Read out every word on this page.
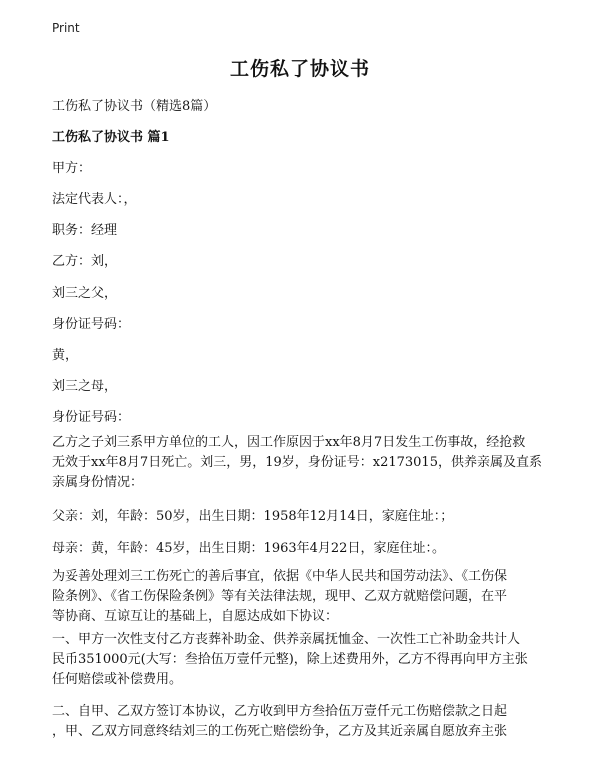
Print
工伤私了协议书
工伤私了协议书（精选8篇）
工伤私了协议书 篇1
甲方：
法定代表人：，
职务：经理
乙方：刘，
刘三之父，
身份证号码：
黄，
刘三之母，
身份证号码：
乙方之子刘三系甲方单位的工人，因工作原因于xx年8月7日发生工伤事故，经抢救
无效于xx年8月7日死亡。刘三，男，19岁，身份证号：x2173015，供养亲属及直系
亲属身份情况：
父亲：刘，年龄：50岁，出生日期：1958年12月14日，家庭住址：；
母亲：黄，年龄：45岁，出生日期：1963年4月22日，家庭住址：。
为妥善处理刘三工伤死亡的善后事宜，依据《中华人民共和国劳动法》、《工伤保
险条例》、《省工伤保险条例》等有关法律法规，现甲、乙双方就赔偿问题，在平
等协商、互谅互让的基础上，自愿达成如下协议：
一、甲方一次性支付乙方丧葬补助金、供养亲属抚恤金、一次性工亡补助金共计人
民币351000元(大写：叁拾伍万壹仟元整)，除上述费用外，乙方不得再向甲方主张
任何赔偿或补偿费用。
二、自甲、乙双方签订本协议，乙方收到甲方叁拾伍万壹仟元工伤赔偿款之日起
，甲、乙双方同意终结刘三的工伤死亡赔偿纷争，乙方及其近亲属自愿放弃主张
